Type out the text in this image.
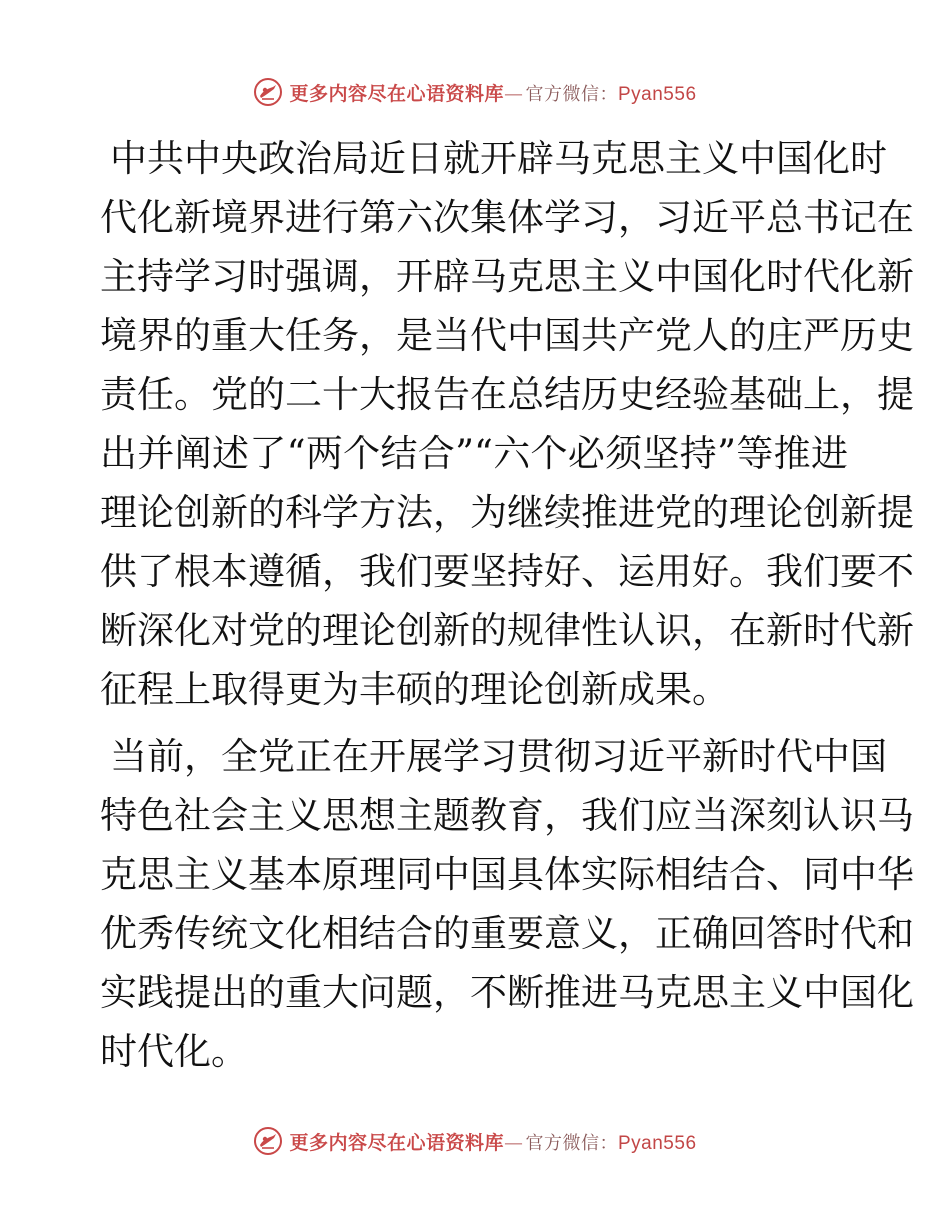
更多内容尽在心语资料库 — 官方微信： Pyan556
中共中央政治局近日就开辟马克思主义中国化时
代化新境界进行第六次集体学习，习近平总书记在
主持学习时强调，开辟马克思主义中国化时代化新
境界的重大任务，是当代中国共产党人的庄严历史
责任。党的二十大报告在总结历史经验基础上，提
出并阐述了“两个结合”“六个必须坚持”等推进
理论创新的科学方法，为继续推进党的理论创新提
供了根本遵循，我们要坚持好、运用好。我们要不
断深化对党的理论创新的规律性认识，在新时代新
征程上取得更为丰硕的理论创新成果。
当前，全党正在开展学习贯彻习近平新时代中国
特色社会主义思想主题教育，我们应当深刻认识马
克思主义基本原理同中国具体实际相结合、同中华
优秀传统文化相结合的重要意义，正确回答时代和
实践提出的重大问题，不断推进马克思主义中国化
时代化。
更多内容尽在心语资料库 — 官方微信： Pyan556
